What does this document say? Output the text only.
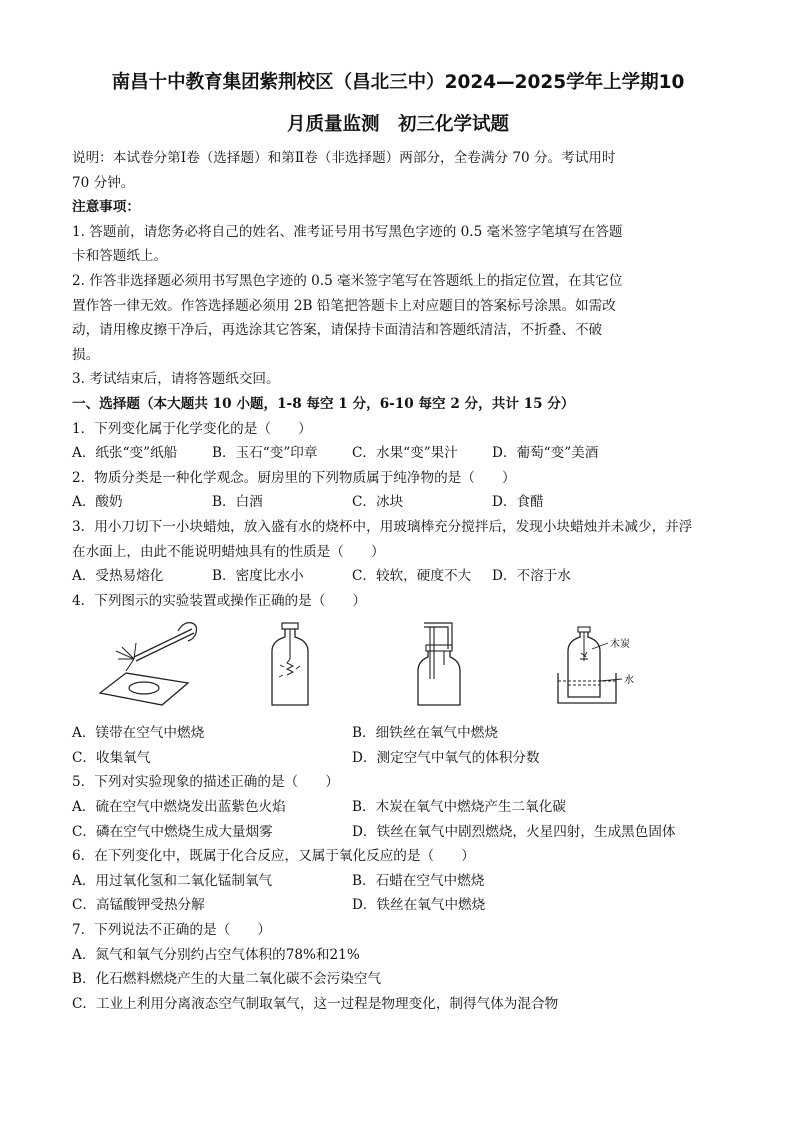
南昌十中教育集团紫荆校区（昌北三中）2024—2025学年上学期10
月质量监测　初三化学试题
说明：本试卷分第Ⅰ卷（选择题）和第Ⅱ卷（非选择题）两部分，全卷满分 70 分。考试用时
70 分钟。
注意事项：
1. 答题前，请您务必将自己的姓名、准考证号用书写黑色字迹的 0.5 毫米签字笔填写在答题
卡和答题纸上。
2. 作答非选择题必须用书写黑色字迹的 0.5 毫米签字笔写在答题纸上的指定位置，在其它位
置作答一律无效。作答选择题必须用 2B 铅笔把答题卡上对应题目的答案标号涂黑。如需改
动，请用橡皮擦干净后，再选涂其它答案，请保持卡面清洁和答题纸清洁，不折叠、不破
损。
3. 考试结束后，请将答题纸交回。
一、选择题（本大题共 10 小题，1-8 每空 1 分，6-10 每空 2 分，共计 15 分）
1．下列变化属于化学变化的是（　　）
A．纸张“变”纸船	B．玉石“变”印章	C．水果“变”果汁	D．葡萄“变”美酒
2．物质分类是一种化学观念。厨房里的下列物质属于纯净物的是（　　）
A．酸奶	B．白酒	C．冰块	D．食醋
3．用小刀切下一小块蜡烛，放入盛有水的烧杯中，用玻璃棒充分搅拌后，发现小块蜡烛并未减少，并浮
在水面上，由此不能说明蜡烛具有的性质是（　　）
A．受热易熔化	B．密度比水小	C．较软，硬度不大	D．不溶于水
4．下列图示的实验装置或操作正确的是（　　）
木炭
水
A．镁带在空气中燃烧	B．细铁丝在氧气中燃烧
C．收集氧气	D．测定空气中氧气的体积分数
5．下列对实验现象的描述正确的是（　　）
A．硫在空气中燃烧发出蓝紫色火焰	B．木炭在氧气中燃烧产生二氧化碳
C．磷在空气中燃烧生成大量烟雾	D．铁丝在氧气中剧烈燃烧，火星四射，生成黑色固体
6．在下列变化中，既属于化合反应，又属于氧化反应的是（　　）
A．用过氧化氢和二氧化锰制氧气	B．石蜡在空气中燃烧
C．高锰酸钾受热分解	D．铁丝在氧气中燃烧
7．下列说法不正确的是（　　）
A．氮气和氧气分别约占空气体积的78%和21%
B．化石燃料燃烧产生的大量二氧化碳不会污染空气
C．工业上利用分离液态空气制取氧气，这一过程是物理变化，制得气体为混合物
